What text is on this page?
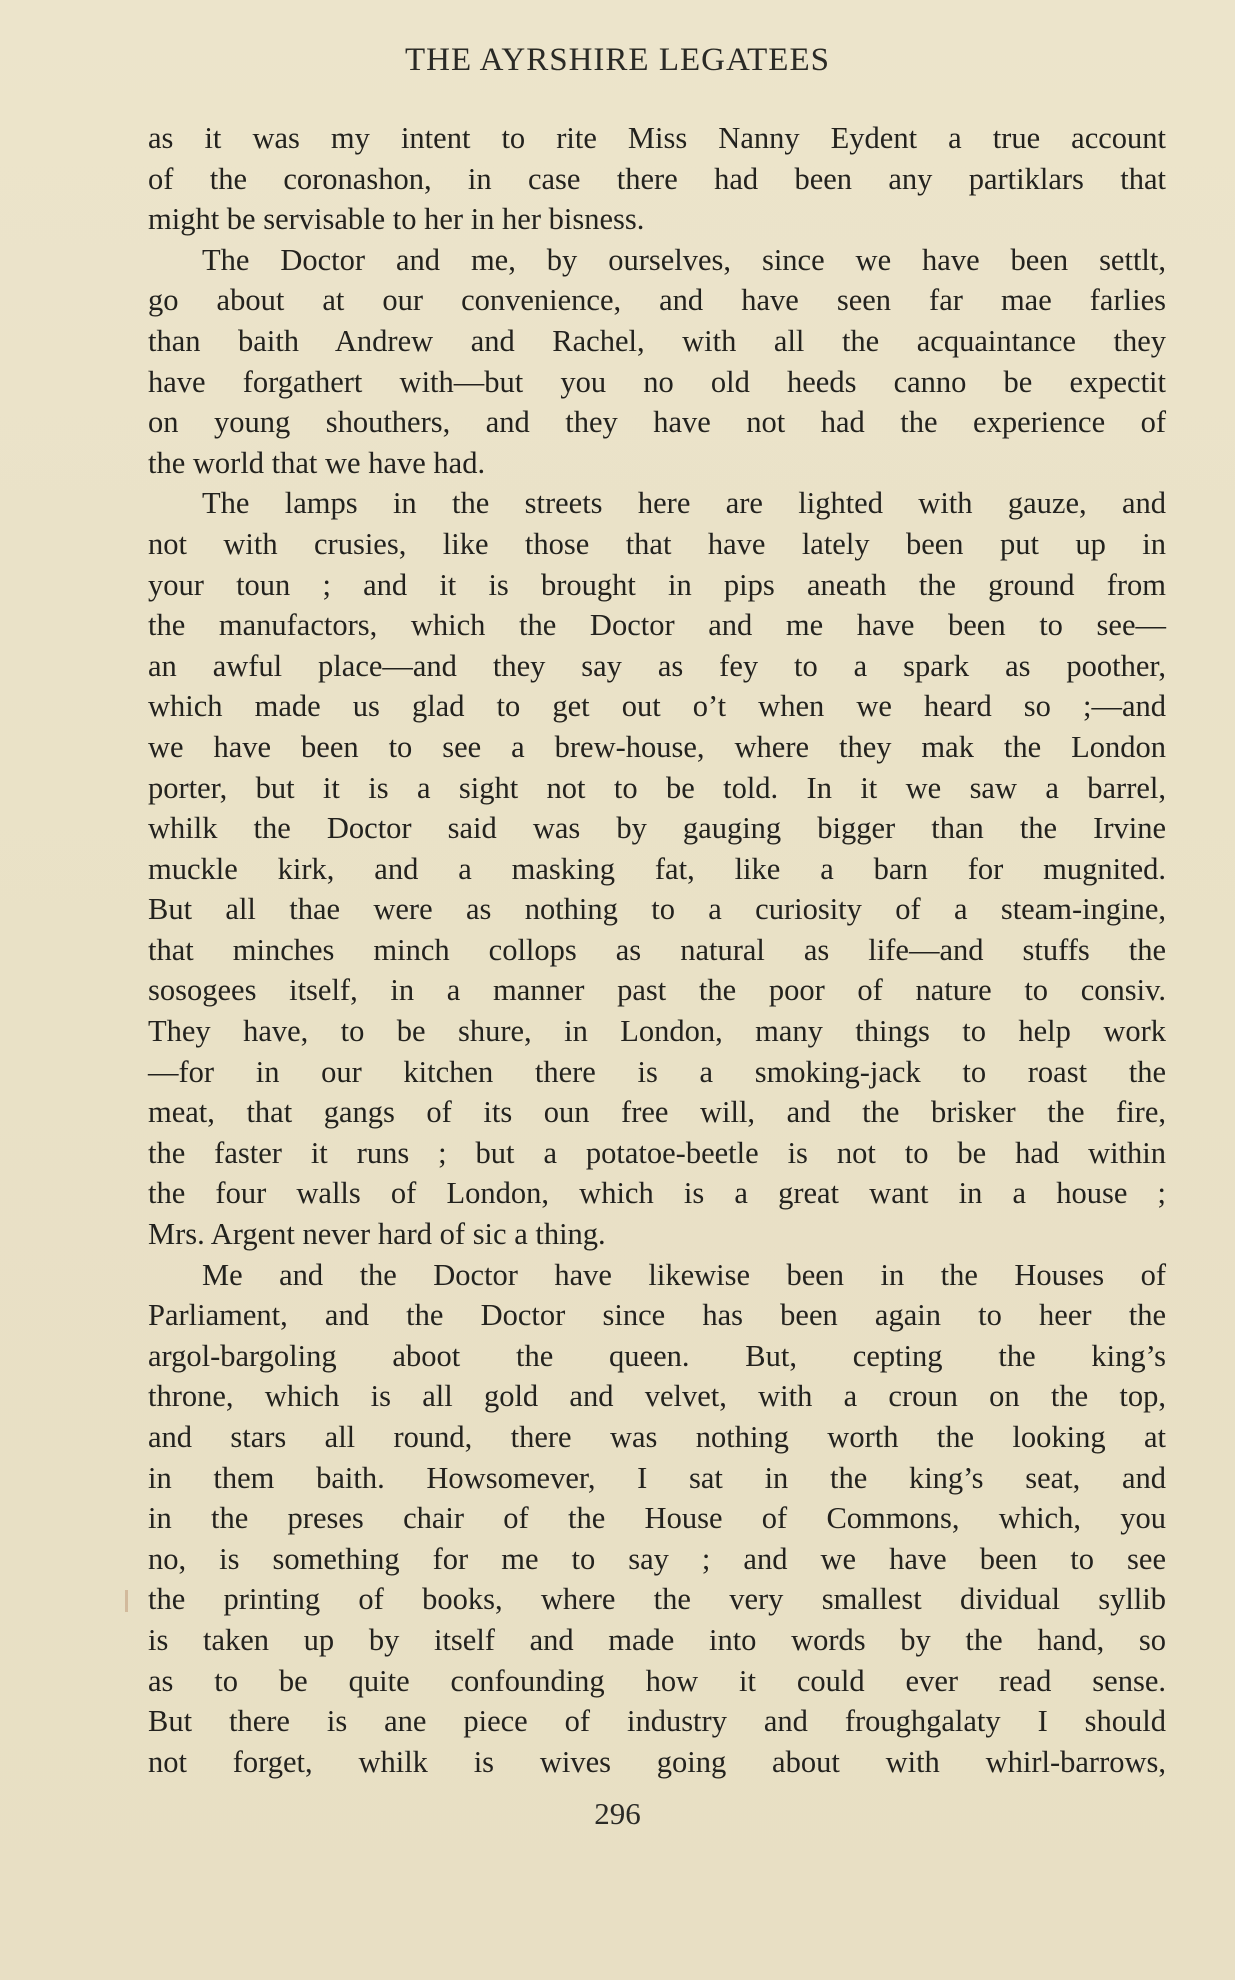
THE AYRSHIRE LEGATEES
as it was my intent to rite Miss Nanny Eydent a true account
of the coronashon, in case there had been any partiklars that
might be servisable to her in her bisness.
The Doctor and me, by ourselves, since we have been settlt,
go about at our convenience, and have seen far mae farlies
than baith Andrew and Rachel, with all the acquaintance they
have forgathert with—but you no old heeds canno be expectit
on young shouthers, and they have not had the experience of
the world that we have had.
The lamps in the streets here are lighted with gauze, and
not with crusies, like those that have lately been put up in
your toun ; and it is brought in pips aneath the ground from
the manufactors, which the Doctor and me have been to see—
an awful place—and they say as fey to a spark as poother,
which made us glad to get out o’t when we heard so ;—and
we have been to see a brew-house, where they mak the London
porter, but it is a sight not to be told. In it we saw a barrel,
whilk the Doctor said was by gauging bigger than the Irvine
muckle kirk, and a masking fat, like a barn for mugnited.
But all thae were as nothing to a curiosity of a steam-ingine,
that minches minch collops as natural as life—and stuffs the
sosogees itself, in a manner past the poor of nature to consiv.
They have, to be shure, in London, many things to help work
—for in our kitchen there is a smoking-jack to roast the
meat, that gangs of its oun free will, and the brisker the fire,
the faster it runs ; but a potatoe-beetle is not to be had within
the four walls of London, which is a great want in a house ;
Mrs. Argent never hard of sic a thing.
Me and the Doctor have likewise been in the Houses of
Parliament, and the Doctor since has been again to heer the
argol-bargoling aboot the queen. But, cepting the king’s
throne, which is all gold and velvet, with a croun on the top,
and stars all round, there was nothing worth the looking at
in them baith. Howsomever, I sat in the king’s seat, and
in the preses chair of the House of Commons, which, you
no, is something for me to say ; and we have been to see
the printing of books, where the very smallest dividual syllib
is taken up by itself and made into words by the hand, so
as to be quite confounding how it could ever read sense.
But there is ane piece of industry and froughgalaty I should
not forget, whilk is wives going about with whirl-barrows,
296
